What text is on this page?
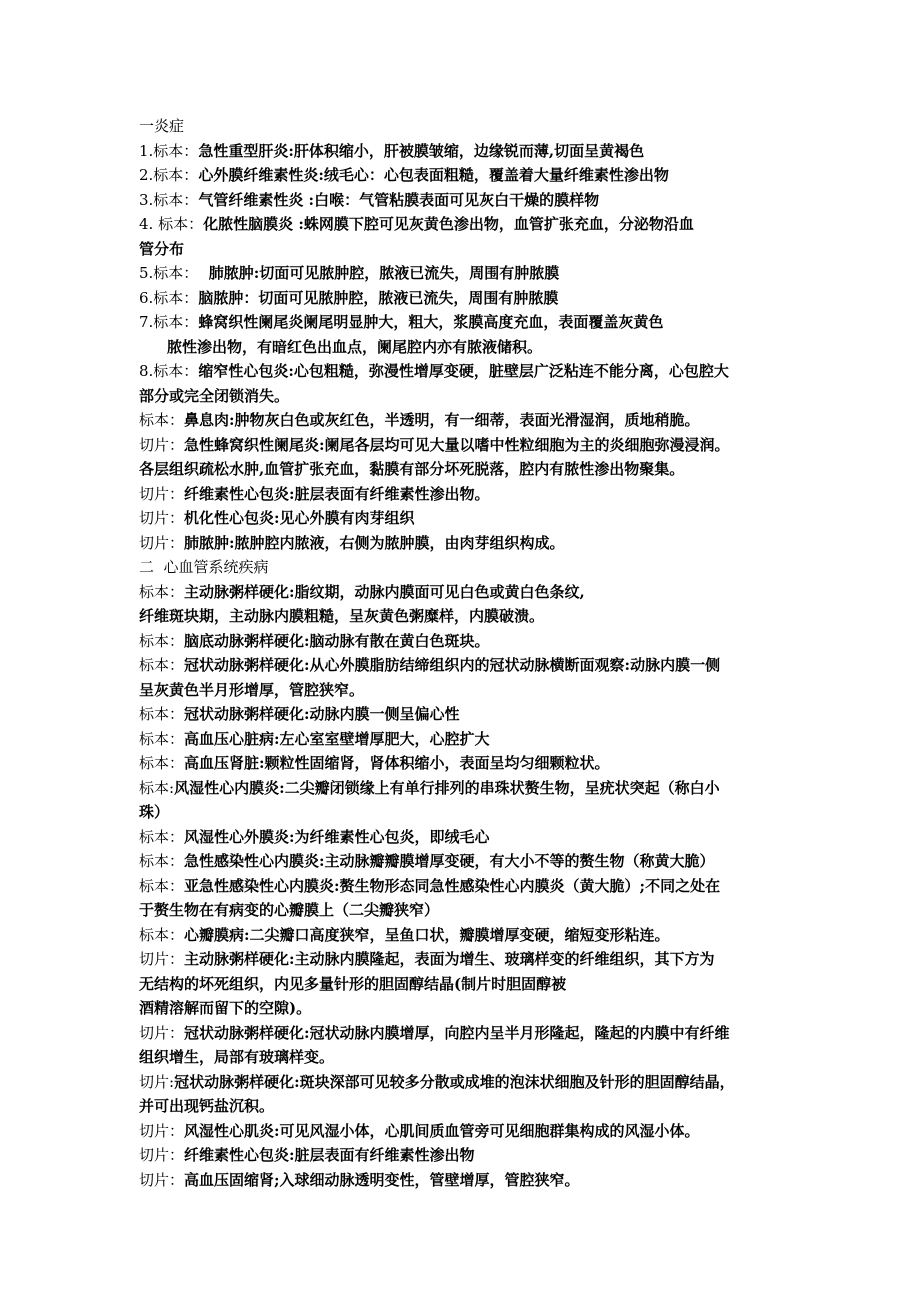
一炎症
1.标本：急性重型肝炎:肝体积缩小，肝被膜皱缩，边缘锐而薄,切面呈黄褐色
2.标本：心外膜纤维素性炎:绒毛心：心包表面粗糙，覆盖着大量纤维素性渗出物
3.标本：气管纤维素性炎 :白喉：气管粘膜表面可见灰白干燥的膜样物
4. 标本：化脓性脑膜炎 :蛛网膜下腔可见灰黄色渗出物，血管扩张充血，分泌物沿血
管分布
5.标本：  肺脓肿:切面可见脓肿腔，脓液已流失，周围有肿脓膜
6.标本：脑脓肿：切面可见脓肿腔，脓液已流失，周围有肿脓膜
7.标本：蜂窝织性阑尾炎阑尾明显肿大，粗大，浆膜高度充血，表面覆盖灰黄色
脓性渗出物，有暗红色出血点，阑尾腔内亦有脓液储积。
8.标本：缩窄性心包炎:心包粗糙，弥漫性增厚变硬，脏壁层广泛粘连不能分离，心包腔大
部分或完全闭锁消失。
标本：鼻息肉:肿物灰白色或灰红色，半透明，有一细蒂，表面光滑湿润，质地稍脆。
切片：急性蜂窝织性阑尾炎:阑尾各层均可见大量以嗜中性粒细胞为主的炎细胞弥漫浸润。
各层组织疏松水肿,血管扩张充血，黏膜有部分坏死脱落，腔内有脓性渗出物聚集。
切片：纤维素性心包炎:脏层表面有纤维素性渗出物。
切片：机化性心包炎:见心外膜有肉芽组织
切片：肺脓肿:脓肿腔内脓液，右侧为脓肿膜，由肉芽组织构成。
二  心血管系统疾病
标本：主动脉粥样硬化:脂纹期，动脉内膜面可见白色或黄白色条纹,
纤维斑块期，主动脉内膜粗糙，呈灰黄色粥糜样，内膜破溃。
标本：脑底动脉粥样硬化:脑动脉有散在黄白色斑块。
标本：冠状动脉粥样硬化:从心外膜脂肪结缔组织内的冠状动脉横断面观察:动脉内膜一侧
呈灰黄色半月形增厚，管腔狭窄。
标本：冠状动脉粥样硬化:动脉内膜一侧呈偏心性
标本：高血压心脏病:左心室室壁增厚肥大，心腔扩大
标本：高血压肾脏:颗粒性固缩肾，肾体积缩小，表面呈均匀细颗粒状。
标本:风湿性心内膜炎:二尖瓣闭锁缘上有单行排列的串珠状赘生物，呈疣状突起（称白小
珠）
标本：风湿性心外膜炎:为纤维素性心包炎，即绒毛心
标本：急性感染性心内膜炎:主动脉瓣瓣膜增厚变硬，有大小不等的赘生物（称黄大脆）
标本：亚急性感染性心内膜炎:赘生物形态同急性感染性心内膜炎（黄大脆）;不同之处在
于赘生物在有病变的心瓣膜上（二尖瓣狭窄）
标本：心瓣膜病:二尖瓣口高度狭窄，呈鱼口状，瓣膜增厚变硬，缩短变形粘连。
切片：主动脉粥样硬化:主动脉内膜隆起，表面为增生、玻璃样变的纤维组织，其下方为
无结构的坏死组织，内见多量针形的胆固醇结晶(制片时胆固醇被
酒精溶解而留下的空隙)。
切片：冠状动脉粥样硬化:冠状动脉内膜增厚，向腔内呈半月形隆起，隆起的内膜中有纤维
组织增生，局部有玻璃样变。
切片:冠状动脉粥样硬化:斑块深部可见较多分散或成堆的泡沫状细胞及针形的胆固醇结晶，
并可出现钙盐沉积。
切片：风湿性心肌炎:可见风湿小体，心肌间质血管旁可见细胞群集构成的风湿小体。
切片：纤维素性心包炎:脏层表面有纤维素性渗出物
切片：高血压固缩肾;入球细动脉透明变性，管壁增厚，管腔狭窄。
